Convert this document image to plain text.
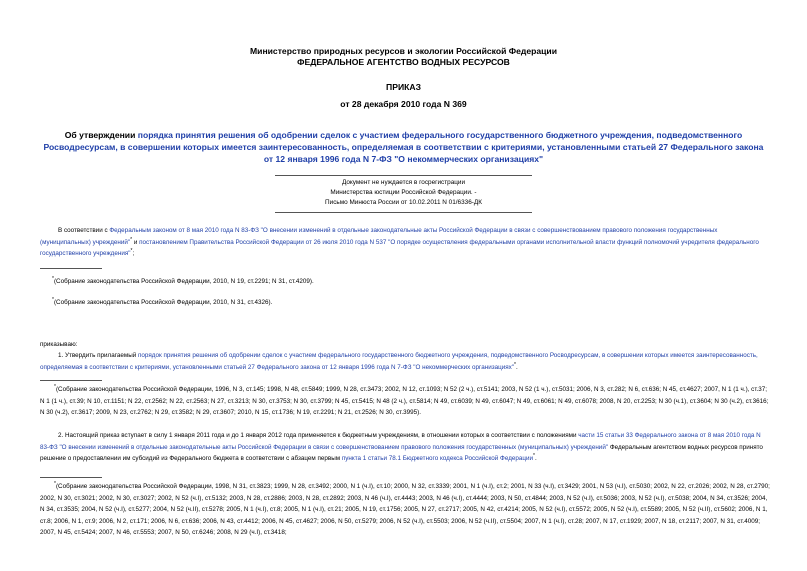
Министерство природных ресурсов и экологии Российской Федерации
ФЕДЕРАЛЬНОЕ АГЕНТСТВО ВОДНЫХ РЕСУРСОВ
ПРИКАЗ
от 28 декабря 2010 года N 369
Об утверждении порядка принятия решения об одобрении сделок с участием федерального государственного бюджетного учреждения, подведомственного Росводресурсам, в совершении которых имеется заинтересованность, определяемая в соответствии с критериями, установленными статьей 27 Федерального закона от 12 января 1996 года N 7-ФЗ "О некоммерческих организациях"
Документ не нуждается в госрегистрации
Министерства юстиции Российской Федерации. -
Письмо Минюста России от 10.02.2011 N 01/6336-ДК
В соответствии с Федеральным законом от 8 мая 2010 года N 83-ФЗ "О внесении изменений в отдельные законодательные акты Российской Федерации в связи с совершенствованием правового положения государственных (муниципальных) учреждений"* и постановлением Правительства Российской Федерации от 26 июля 2010 года N 537 "О порядке осуществления федеральными органами исполнительной власти функций полномочий учредителя федерального государственного учреждения"*;
*(Собрание законодательства Российской Федерации, 2010, N 19, ст.2291; N 31, ст.4209).
*(Собрание законодательства Российской Федерации, 2010, N 31, ст.4326).
приказываю:
1. Утвердить прилагаемый порядок принятия решения об одобрении сделок с участием федерального государственного бюджетного учреждения, подведомственного Росводресурсам, в совершении которых имеется заинтересованность, определяемая в соответствии с критериями, установленными статьей 27 Федерального закона от 12 января 1996 года N 7-ФЗ "О некоммерческих организациях"*.
*(Собрание законодательства Российской Федерации, 1996, N 3, ст.145; 1998, N 48, ст.5849; 1999, N 28, ст.3473; 2002, N 12, ст.1093; N 52 (2 ч.), ст.5141; 2003, N 52 (1 ч.), ст.5031; 2006, N 3, ст.282; N 6, ст.636; N 45, ст.4627; 2007, N 1 (1 ч.), ст.37; N 1 (1 ч.), ст.39; N 10, ст.1151; N 22, ст.2562; N 22, ст.2563; N 27, ст.3213; N 30, ст.3753; N 30, ст.3799; N 45, ст.5415; N 48 (2 ч.), ст.5814; N 49, ст.6039; N 49, ст.6047; N 49, ст.6061; N 49, ст.6078; 2008, N 20, ст.2253; N 30 (ч.1), ст.3604; N 30 (ч.2), ст.3616; N 30 (ч.2), ст.3617; 2009, N 23, ст.2762; N 29, ст.3582; N 29, ст.3607; 2010, N 15, ст.1736; N 19, ст.2291; N 21, ст.2526; N 30, ст.3995).
2. Настоящий приказ вступает в силу 1 января 2011 года и до 1 января 2012 года применяется к бюджетным учреждениям, в отношении которых в соответствии с положениями части 15 статьи 33 Федерального закона от 8 мая 2010 года N 83-ФЗ "О внесении изменений в отдельные законодательные акты Российской Федерации в связи с совершенствованием правового положения государственных (муниципальных) учреждений" Федеральным агентством водных ресурсов принято решение о предоставлении им субсидий из Федерального бюджета в соответствии с абзацем первым пункта 1 статьи 78.1 Бюджетного кодекса Российской Федерации*.
*(Собрание законодательства Российской Федерации, 1998, N 31, ст.3823; 1999, N 28, ст.3492; 2000, N 1 (ч.I), ст.10; 2000, N 32, ст.3339; 2001, N 1 (ч.I), ст.2; 2001, N 33 (ч.I), ст.3429; 2001, N 53 (ч.I), ст.5030; 2002, N 22, ст.2026; 2002, N 28, ст.2790; 2002, N 30, ст.3021; 2002, N 30, ст.3027; 2002, N 52 (ч.I), ст.5132; 2003, N 28, ст.2886; 2003, N 28, ст.2892; 2003, N 46 (ч.I), ст.4443; 2003, N 46 (ч.I), ст.4444; 2003, N 50, ст.4844; 2003, N 52 (ч.I), ст.5036; 2003, N 52 (ч.I), ст.5038; 2004, N 34, ст.3526; 2004, N 34, ст.3535; 2004, N 52 (ч.I), ст.5277; 2004, N 52 (ч.II), ст.5278; 2005, N 1 (ч.I), ст.8; 2005, N 1 (ч.I), ст.21; 2005, N 19, ст.1756; 2005, N 27, ст.2717; 2005, N 42, ст.4214; 2005, N 52 (ч.I), ст.5572; 2005, N 52 (ч.I), ст.5589; 2005, N 52 (ч.II), ст.5602; 2006, N 1, ст.8; 2006, N 1, ст.9; 2006, N 2, ст.171; 2006, N 6, ст.636; 2006, N 43, ст.4412; 2006, N 45, ст.4627; 2006, N 50, ст.5279; 2006, N 52 (ч.I), ст.5503; 2006, N 52 (ч.II), ст.5504; 2007, N 1 (ч.I), ст.28; 2007, N 17, ст.1929; 2007, N 18, ст.2117; 2007, N 31, ст.4009; 2007, N 45, ст.5424; 2007, N 46, ст.5553; 2007, N 50, ст.6246; 2008, N 29 (ч.I), ст.3418;
